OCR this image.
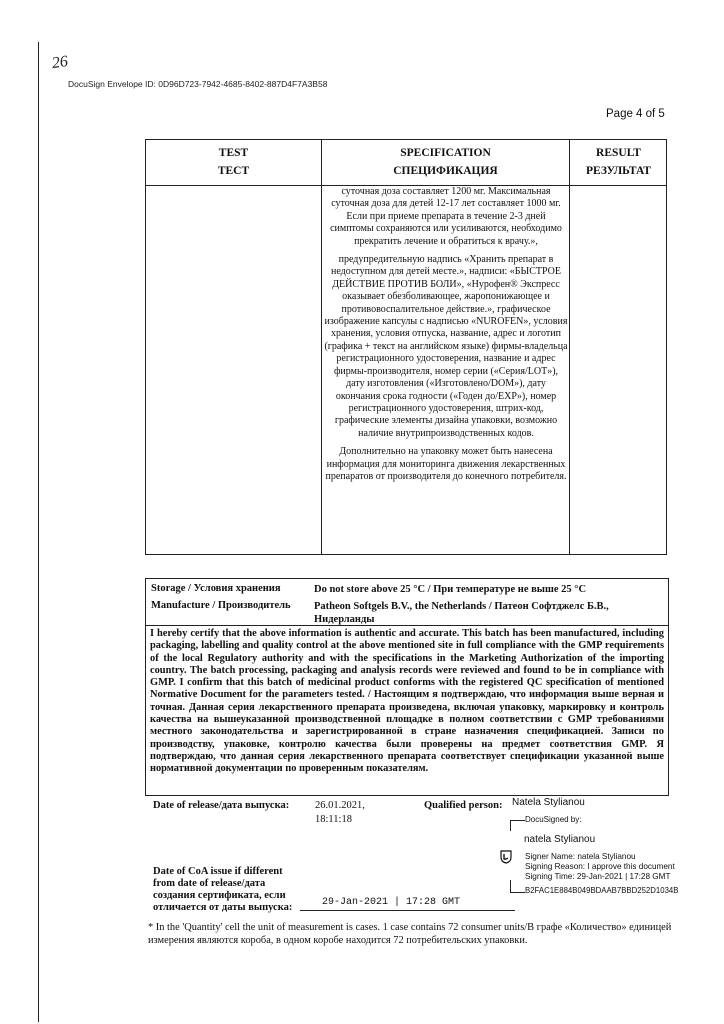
26
DocuSign Envelope ID: 0D96D723-7942-4685-8402-887D4F7A3B58
Page 4 of 5
TEST
ТЕСТ
SPECIFICATION
СПЕЦИФИКАЦИЯ
RESULT
РЕЗУЛЬТАТ

суточная доза составляет 1200 мг. Максимальная суточная доза для детей 12-17 лет составляет 1000 мг. Если при приеме препарата в течение 2-3 дней симптомы сохраняются или усиливаются, необходимо прекратить лечение и обратиться к врачу.»,

предупредительную надпись «Хранить препарат в недоступном для детей месте.», надписи: «БЫСТРОЕ ДЕЙСТВИЕ ПРОТИВ БОЛИ», «Нурофен® Экспресс оказывает обезболивающее, жаропонижающее и противовоспалительное действие.», графическое изображение капсулы с надписью «NUROFEN», условия хранения, условия отпуска, название, адрес и логотип (графика + текст на английском языке) фирмы-владельца регистрационного удостоверения, название и адрес фирмы-производителя, номер серии («Серия/LOT»), дату изготовления («Изготовлено/DOM»), дату окончания срока годности («Годен до/EXP»), номер регистрационного удостоверения, штрих-код, графические элементы дизайна упаковки, возможно наличие внутрипроизводственных кодов.

Дополнительно на упаковку может быть нанесена информация для мониторинга движения лекарственных препаратов от производителя до конечного потребителя.

Storage / Условия хранения	Do not store above 25 °C / При температуре не выше 25 °C
Manufacture / Производитель Patheon Softgels B.V., the Netherlands / Патеон Софтджелс Б.В., Нидерланды

I hereby certify that the above information is authentic and accurate. This batch has been manufactured, including packaging, labelling and quality control at the above mentioned site in full compliance with the GMP requirements of the local Regulatory authority and with the specifications in the Marketing Authorization of the importing country. The batch processing, packaging and analysis records were reviewed and found to be in compliance with GMP. I confirm that this batch of medicinal product conforms with the registered QC specification of mentioned Normative Document for the parameters tested. / Настоящим я подтверждаю, что информация выше верная и точная. Данная серия лекарственного препарата произведена, включая упаковку, маркировку и контроль качества на вышеуказанной производственной площадке в полном соответствии с GMP требованиями местного законодательства и зарегистрированной в стране назначения спецификацией. Записи по производству, упаковке, контролю качества были проверены на предмет соответствия GMP. Я подтверждаю, что данная серия лекарственного препарата соответствует спецификации указанной выше нормативной документации по проверенным показателям.

Date of release/дата выпуска: 26.01.2021,
18:11:18
Qualified person: Natela Stylianou
DocuSigned by:
natela Stylianou
Signer Name: natela Stylianou
Signing Reason: I approve this document
Signing Time: 29-Jan-2021 | 17:28 GMT
B2FAC1E884B049BDAAB7BBD252D1034B
Date of CoA issue if different from date of release/дата создания сертификата, если отличается от даты выпуска:	29-Jan-2021 | 17:28 GMT
* In the 'Quantity' cell the unit of measurement is cases. 1 case contains 72 consumer units/В графе «Количество» единицей измерения являются коробa, в одном коробе находится 72 потребительских упаковки.
